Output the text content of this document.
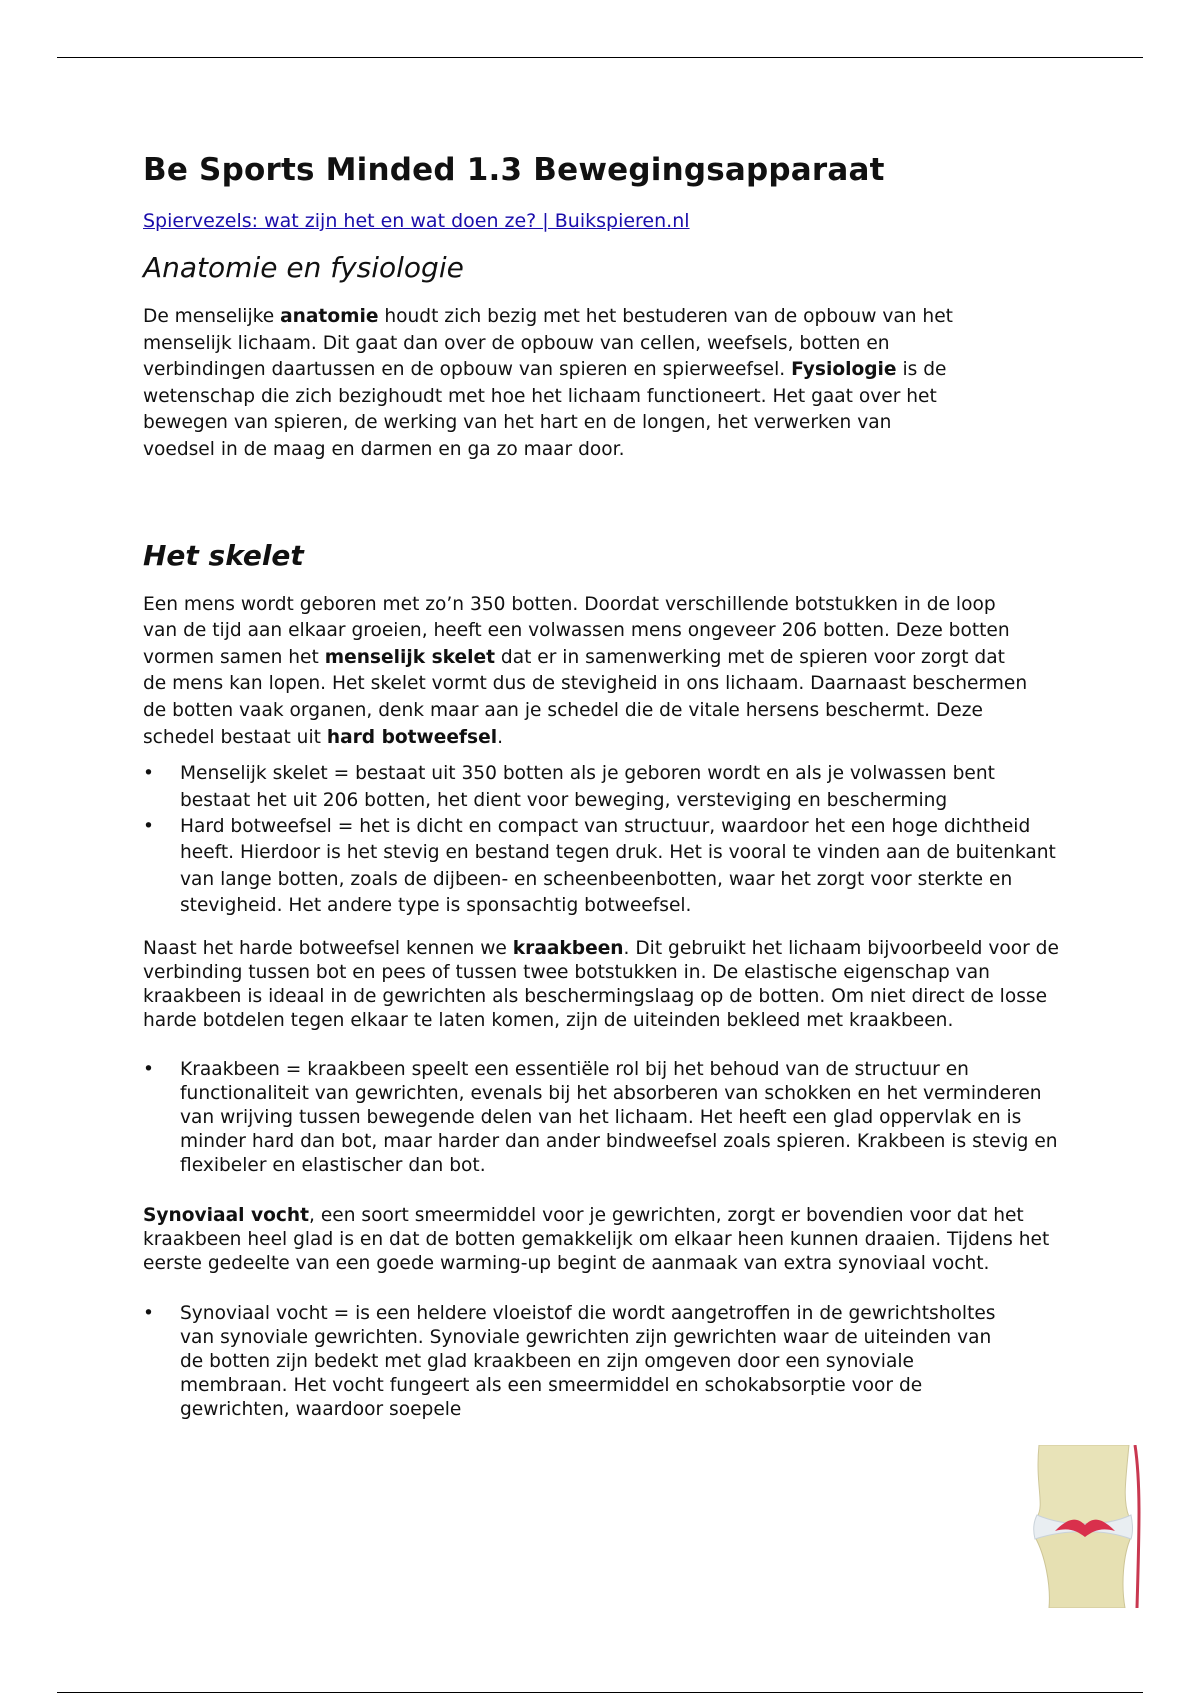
Be Sports Minded 1.3 Bewegingsapparaat
Spiervezels: wat zijn het en wat doen ze? | Buikspieren.nl
Anatomie en fysiologie

De menselijke anatomie houdt zich bezig met het bestuderen van de opbouw van het menselijk lichaam. Dit gaat dan over de opbouw van cellen, weefsels, botten en verbindingen daartussen en de opbouw van spieren en spierweefsel. Fysiologie is de wetenschap die zich bezighoudt met hoe het lichaam functioneert. Het gaat over het bewegen van spieren, de werking van het hart en de longen, het verwerken van voedsel in de maag en darmen en ga zo maar door.

Het skelet

Een mens wordt geboren met zo’n 350 botten. Doordat verschillende botstukken in de loop van de tijd aan elkaar groeien, heeft een volwassen mens ongeveer 206 botten. Deze botten vormen samen het menselijk skelet dat er in samenwerking met de spieren voor zorgt dat de mens kan lopen. Het skelet vormt dus de stevigheid in ons lichaam. Daarnaast beschermen de botten vaak organen, denk maar aan je schedel die de vitale hersens beschermt. Deze schedel bestaat uit hard botweefsel.

• Menselijk skelet = bestaat uit 350 botten als je geboren wordt en als je volwassen bent bestaat het uit 206 botten, het dient voor beweging, versteviging en bescherming
• Hard botweefsel = het is dicht en compact van structuur, waardoor het een hoge dichtheid heeft. Hierdoor is het stevig en bestand tegen druk. Het is vooral te vinden aan de buitenkant van lange botten, zoals de dijbeen- en scheenbeenbotten, waar het zorgt voor sterkte en stevigheid. Het andere type is sponsachtig botweefsel.

Naast het harde botweefsel kennen we kraakbeen. Dit gebruikt het lichaam bijvoorbeeld voor de verbinding tussen bot en pees of tussen twee botstukken in. De elastische eigenschap van kraakbeen is ideaal in de gewrichten als beschermingslaag op de botten. Om niet direct de losse harde botdelen tegen elkaar te laten komen, zijn de uiteinden bekleed met kraakbeen.

• Kraakbeen = kraakbeen speelt een essentiële rol bij het behoud van de structuur en functionaliteit van gewrichten, evenals bij het absorberen van schokken en het verminderen van wrijving tussen bewegende delen van het lichaam. Het heeft een glad oppervlak en is minder hard dan bot, maar harder dan ander bindweefsel zoals spieren. Krakbeen is stevig en flexibeler en elastischer dan bot.

Synoviaal vocht, een soort smeermiddel voor je gewrichten, zorgt er bovendien voor dat het kraakbeen heel glad is en dat de botten gemakkelijk om elkaar heen kunnen draaien. Tijdens het eerste gedeelte van een goede warming-up begint de aanmaak van extra synoviaal vocht.

• Synoviaal vocht = is een heldere vloeistof die wordt aangetroffen in de gewrichtsholtes van synoviale gewrichten. Synoviale gewrichten zijn gewrichten waar de uiteinden van de botten zijn bedekt met glad kraakbeen en zijn omgeven door een synoviale membraan. Het vocht fungeert als een smeermiddel en schokabsorptie voor de gewrichten, waardoor soepele
